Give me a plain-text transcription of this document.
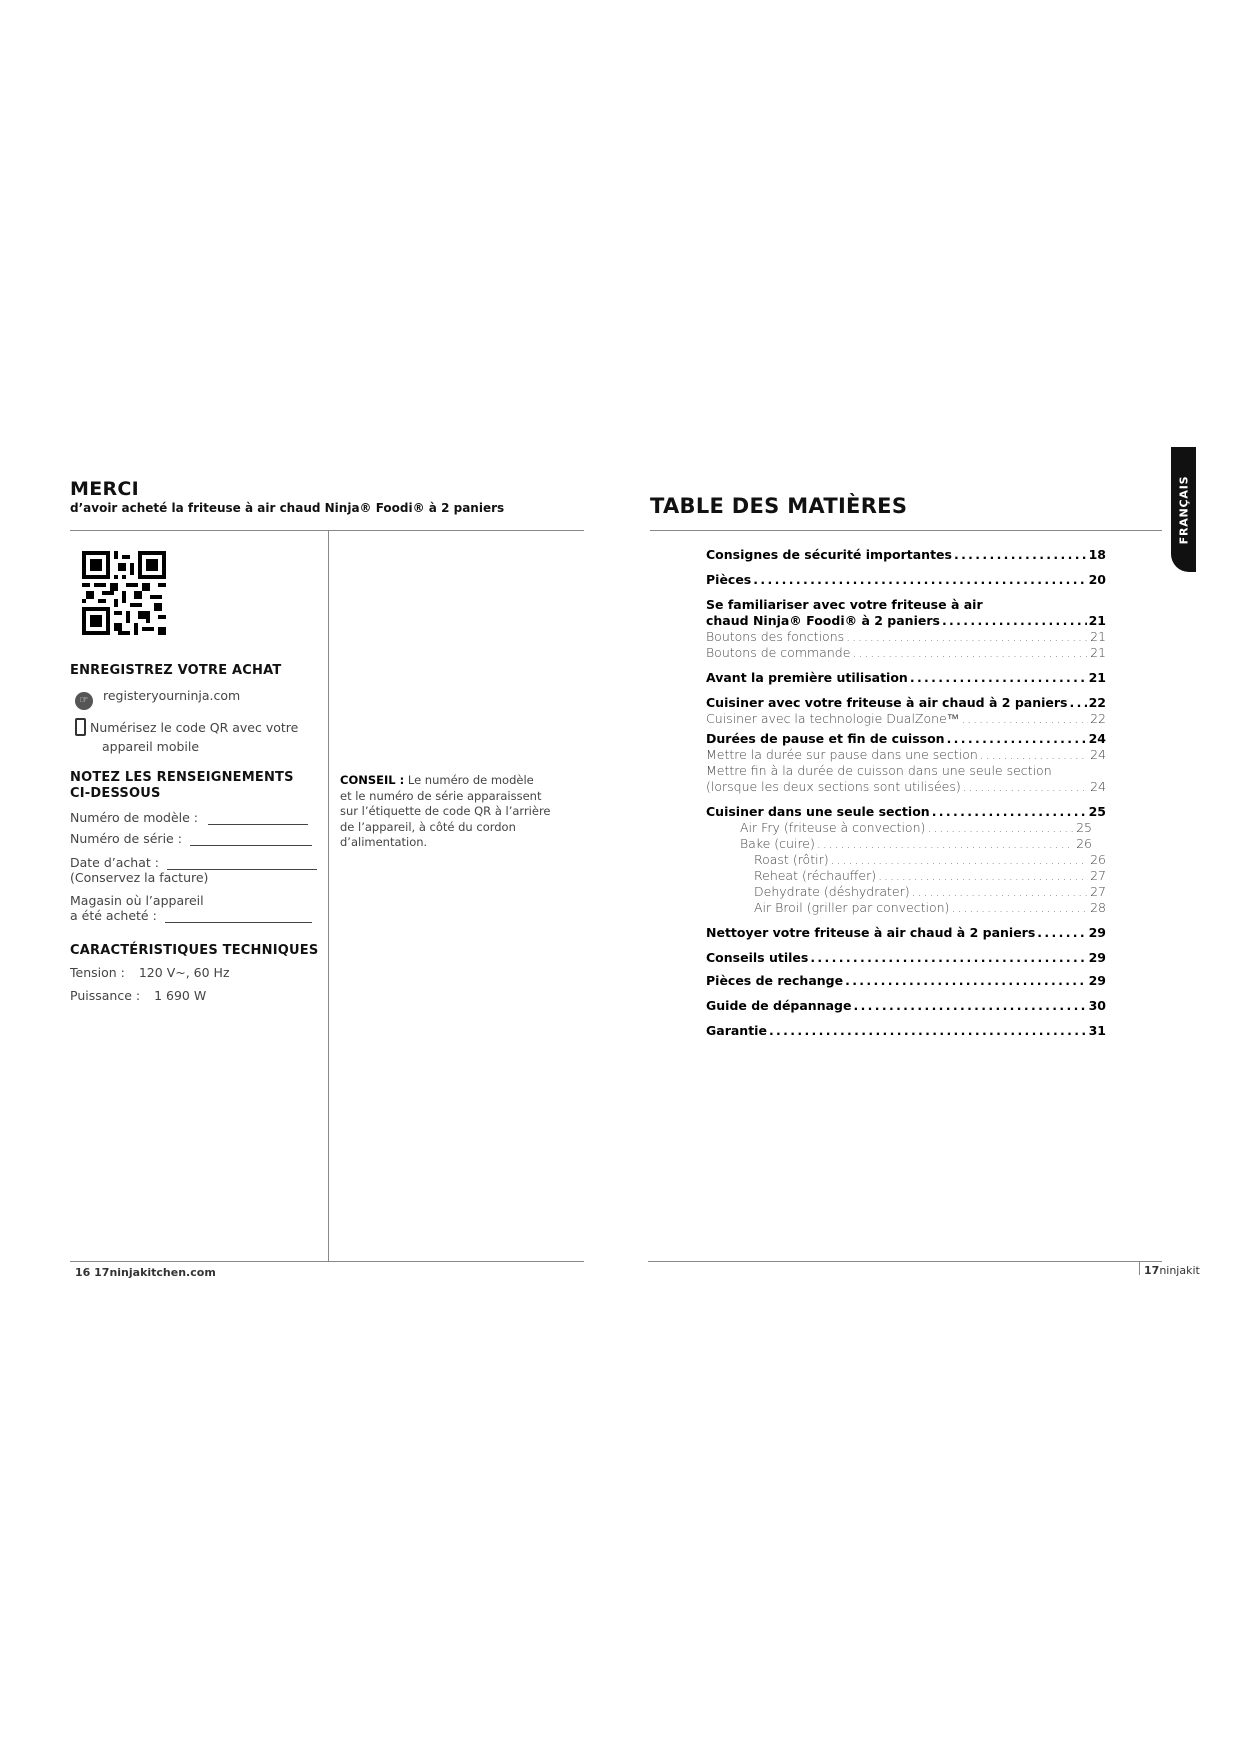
MERCI
d’avoir acheté la friteuse à air chaud Ninja® Foodi® à 2 paniers
ENREGISTREZ VOTRE ACHAT
☞ registeryourninja.com
Numérisez le code QR avec votre
appareil mobile
NOTEZ LES RENSEIGNEMENTS
CI-DESSOUS
Numéro de modèle :
Numéro de série :
Date d’achat :
(Conservez la facture)
Magasin où l’appareil
a été acheté :
CARACTÉRISTIQUES TECHNIQUES
Tension : 120 V~, 60 Hz
Puissance : 1 690 W
CONSEIL : Le numéro de modèle
et le numéro de série apparaissent
sur l’étiquette de code QR à l’arrière
de l’appareil, à côté du cordon
d’alimentation.
16 17ninjakitchen.com
TABLE DES MATIÈRES	FRANÇAIS
Consignes de sécurité importantes . . .	18
Pièces . . .	20
Se familiariser avec votre friteuse à air
chaud Ninja® Foodi® à 2 paniers . . .	21
Boutons des fonctions . . .	21
Boutons de commande . . .	21
Avant la première utilisation . . .	21
Cuisiner avec votre friteuse à air chaud à 2 paniers . . . 22
Cuisiner avec la technologie DualZone™ . . .	22
Durées de pause et fin de cuisson . . .	24
Mettre la durée sur pause dans une section . . .	24
Mettre fin à la durée de cuisson dans une seule section
(lorsque les deux sections sont utilisées) . . .	24
Cuisiner dans une seule section . . .	25
Air Fry (friteuse à convection) . . .	25
Bake (cuire) . . .	26
Roast (rôtir) . . .	26
Reheat (réchauffer) . . .	27
Dehydrate (déshydrater) . . .	27
Air Broil (griller par convection) . . .	28
Nettoyer votre friteuse à air chaud à 2 paniers . . .	29
Conseils utiles . . .	29
Pièces de rechange . . .	29
Guide de dépannage . . .	30
Garantie . . .	31
17ninjakit
